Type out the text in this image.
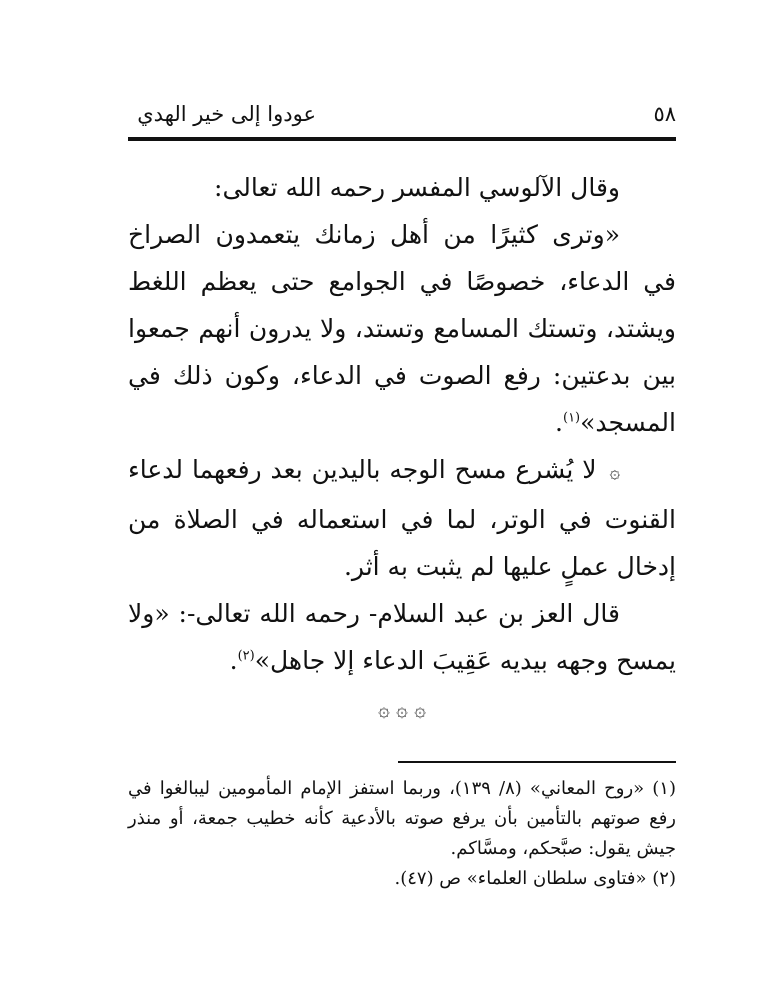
عودوا إلى خير الهدي	٥٨

وقال الآلوسي المفسر رحمه الله تعالى:

«وترى كثيرًا من أهل زمانك يتعمدون الصراخ في الدعاء، خصوصًا في الجوامع حتى يعظم اللغط ويشتد، وتستك المسامع وتستد، ولا يدرون أنهم جمعوا بين بدعتين: رفع الصوت في الدعاء، وكون ذلك في المسجد»$^{(١)}$.

۞ لا يُشرع مسح الوجه باليدين بعد رفعهما لدعاء القنوت في الوتر، لما في استعماله في الصلاة من إدخال عملٍ عليها لم يثبت به أثر.

قال العز بن عبد السلام- رحمه الله تعالى-: «ولا يمسح وجهه بيديه عَقِيبَ الدعاء إلا جاهل»$^{(٢)}$.

۞ ۞ ۞

(١) «روح المعاني» (٨/ ١٣٩)، وربما استفز الإمام المأمومين ليبالغوا في رفع صوتهم بالتأمين بأن يرفع صوته بالأدعية كأنه خطيب جمعة، أو منذر جيش يقول: صبَّحكم، ومسَّاكم.

(٢) «فتاوى سلطان العلماء» ص (٤٧).
